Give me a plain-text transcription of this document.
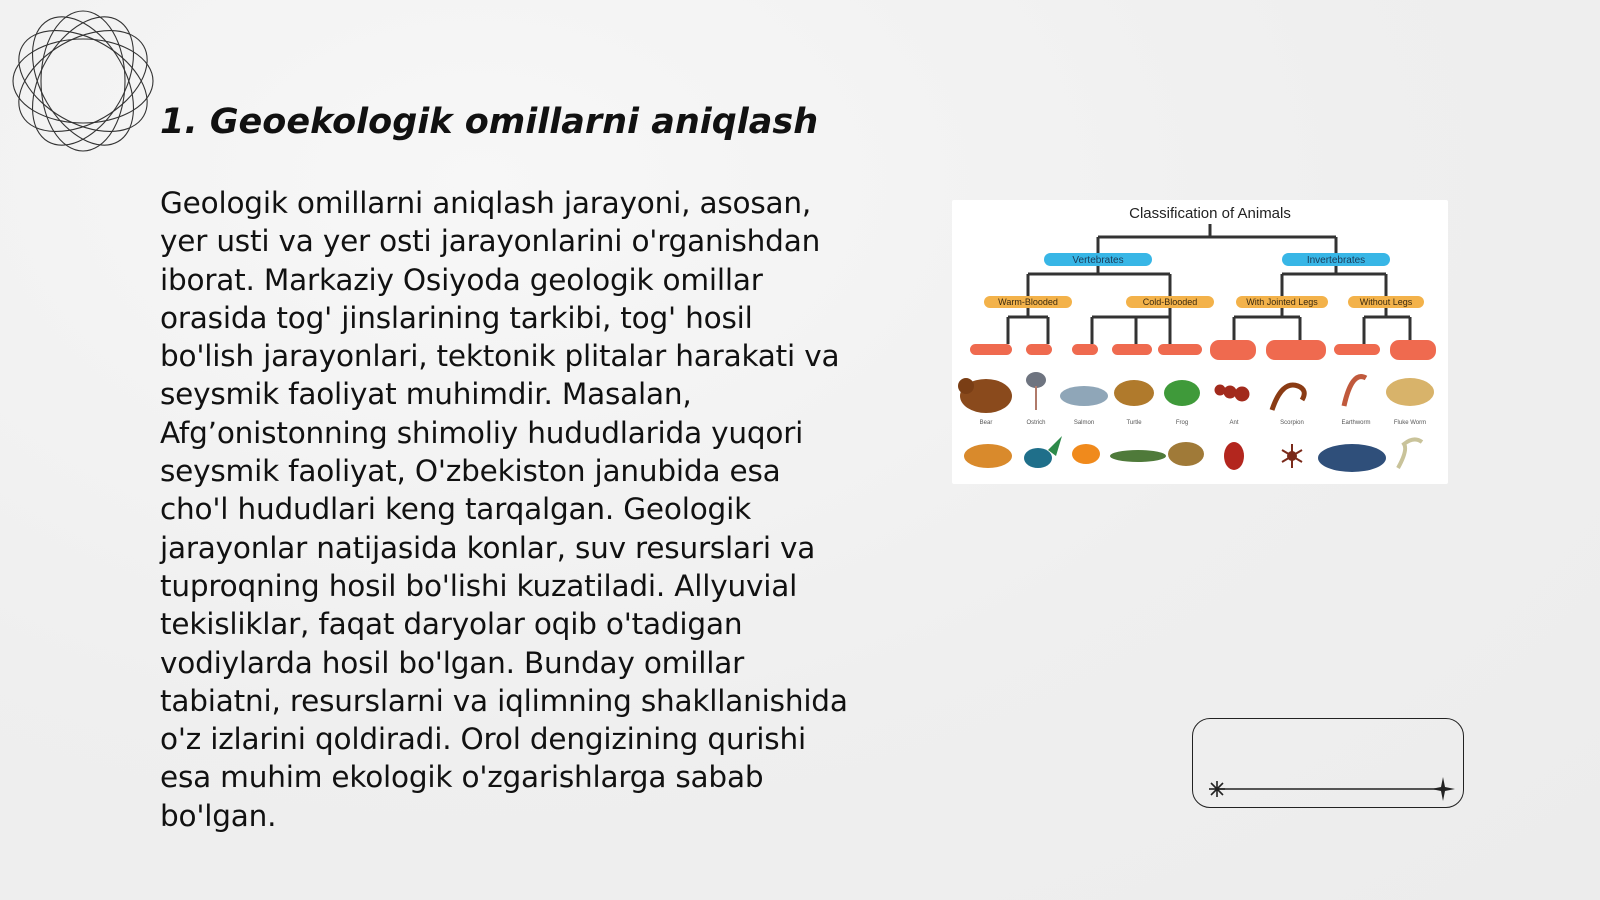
1. Geoekologik omillarni aniqlash

Geologik omillarni aniqlash jarayoni, asosan, yer usti va yer osti jarayonlarini o'rganishdan iborat. Markaziy Osiyoda geologik omillar orasida tog' jinslarining tarkibi, tog' hosil bo'lish jarayonlari, tektonik plitalar harakati va seysmik faoliyat muhimdir. Masalan, Afg’onistonning shimoliy hududlarida yuqori seysmik faoliyat, O'zbekiston janubida esa cho'l hududlari keng tarqalgan. Geologik jarayonlar natijasida konlar, suv resurslari va tuproqning hosil bo'lishi kuzatiladi. Allyuvial tekisliklar, faqat daryolar oqib o'tadigan vodiylarda hosil bo'lgan. Bunday omillar tabiatni, resurslarni va iqlimning shakllanishida o'z izlarini qoldiradi. Orol dengizining qurishi esa muhim ekologik o'zgarishlarga sabab bo'lgan.

Classification of Animals
Vertebrates	Invertebrates
Warm-Blooded	Cold-Blooded	With Jointed Legs	Without Legs
Bear	Ostrich	Salmon	Turtle	Frog	Ant	Scorpion	Earthworm	Fluke Worm
